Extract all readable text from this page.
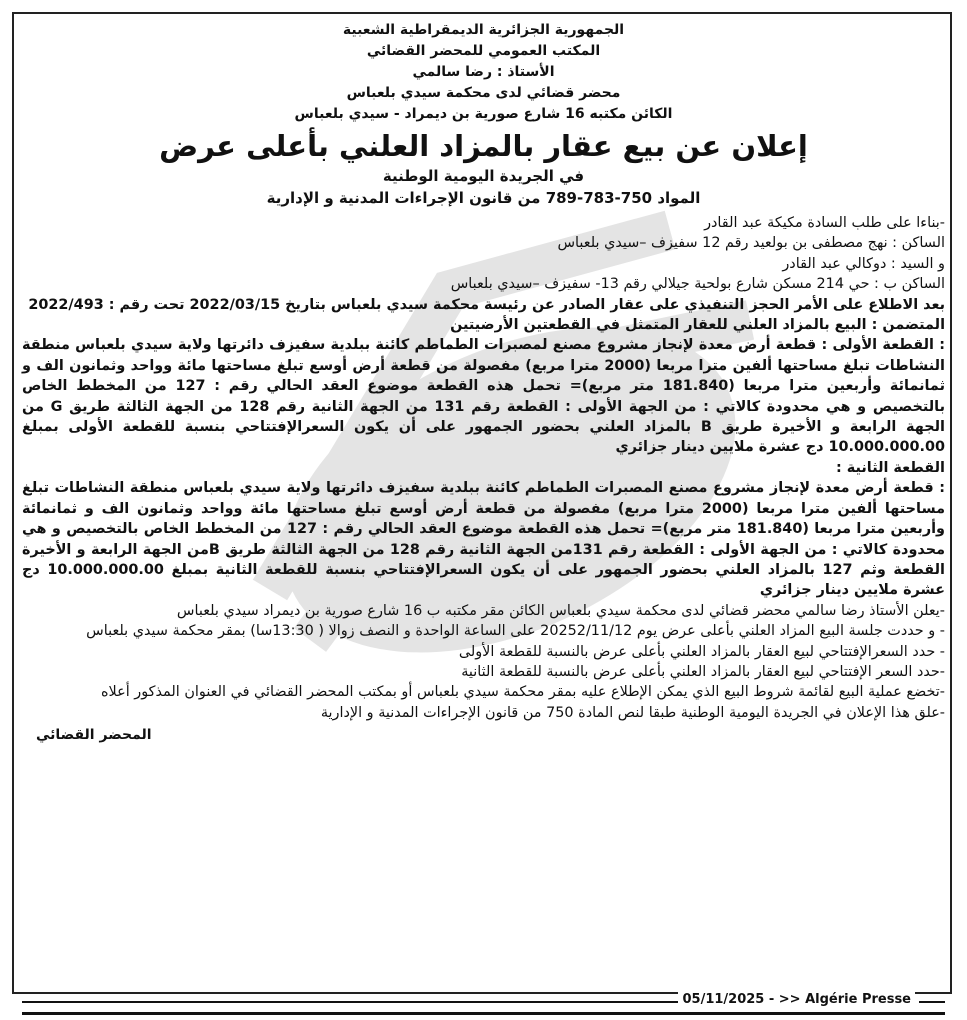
الجمهورية الجزائرية الديمقراطية الشعبية
المكتب العمومي للمحضر القضائي
الأستاذ : رضا سالمي
محضر قضائي لدى محكمة سيدي بلعباس
الكائن مكتبه 16 شارع صورية بن ديمراد - سيدي بلعباس
إعلان عن بيع عقار بالمزاد العلني بأعلى عرض
في الجريدة اليومية الوطنية
المواد 750-783-789 من قانون الإجراءات المدنية و الإدارية

-بناءا على طلب السادة مكيكة عبد القادر

الساكن : نهج مصطفى بن بولعيد رقم 12 سفيزف –سيدي بلعباس

و السيد : دوكالي عبد القادر

الساكن ب : حي 214 مسكن شارع بولحية جيلالي رقم 13- سفيزف –سيدي بلعباس

بعد الاطلاع على الأمر الحجز التنفيذي على عقار الصادر عن رئيسة محكمة سيدي بلعباس بتاريخ 2022/03/15 تحت رقم : 2022/493

المتضمن : البيع بالمزاد العلني للعقار المتمثل في القطعتين الأرضيتين

: القطعة الأولى : قطعة أرض معدة لإنجاز مشروع مصنع لمصبرات الطماطم كائنة ببلدية سفيزف دائرتها ولاية سيدي بلعباس منطقة النشاطات تبلغ مساحتها ألفين مترا مربعا (2000 مترا مربع) مفصولة من قطعة أرض أوسع تبلغ مساحتها مائة وواحد وثمانون الف و ثمانمائة وأربعين مترا مربعا (181.840 متر مربع)= تحمل هذه القطعة موضوع العقد الحالي رقم : 127 من المخطط الخاص بالتخصيص و هي محدودة كالاتي : من الجهة الأولى : القطعة رقم 131 من الجهة الثانية رقم 128 من الجهة الثالثة طريق G من الجهة الرابعة و الأخيرة طريق B بالمزاد العلني بحضور الجمهور على أن يكون السعرالإفتتاحي بنسبة للقطعة الأولى بمبلغ 10.000.000.00 دج عشرة ملايين دينار جزائري

القطعة الثانية :

: قطعة أرض معدة لإنجاز مشروع مصنع المصبرات الطماطم كائنة ببلدية سفيزف دائرتها ولاية سيدي بلعباس منطقة النشاطات تبلغ مساحتها ألفين مترا مربعا (2000 مترا مربع) مفصولة من قطعة أرض أوسع تبلغ مساحتها مائة وواحد وثمانون الف و ثمانمائة وأربعين مترا مربعا (181.840 متر مربع)= تحمل هذه القطعة موضوع العقد الحالي رقم : 127 من المخطط الخاص بالتخصيص و هي محدودة كالاتي : من الجهة الأولى : القطعة رقم 131من الجهة الثانية رقم 128 من الجهة الثالثة طريق Bمن الجهة الرابعة و الأخيرة القطعة وثم 127 بالمزاد العلني بحضور الجمهور على أن يكون السعرالإفتتاحي بنسبة للقطعة الثانية بمبلغ 10.000.000.00 دج عشرة ملايين دينار جزائري

-يعلن الأستاذ رضا سالمي محضر قضائي لدى محكمة سيدي بلعباس الكائن مقر مكتبه ب 16 شارع صورية بن ديمراد سيدي بلعباس

- و حددت جلسة البيع المزاد العلني بأعلى عرض يوم 20252/11/12 على الساعة الواحدة و النصف زوالا ( 13:30سا) بمقر محكمة سيدي بلعباس

- حدد السعرالإفتتاحي لبيع العقار بالمزاد العلني بأعلى عرض بالنسبة للقطعة الأولى

-حدد السعر الإفتتاحي لبيع العقار بالمزاد العلني بأعلى عرض بالنسبة للقطعة الثانية

-تخضع عملية البيع لقائمة شروط البيع الذي يمكن الإطلاع عليه بمقر محكمة سيدي بلعباس أو بمكتب المحضر القضائي في العنوان المذكور أعلاه

-علق هذا الإعلان في الجريدة اليومية الوطنية طبقا لنص المادة 750 من قانون الإجراءات المدنية و الإدارية

المحضر القضائي
05/11/2025 - >> Algérie Presse
